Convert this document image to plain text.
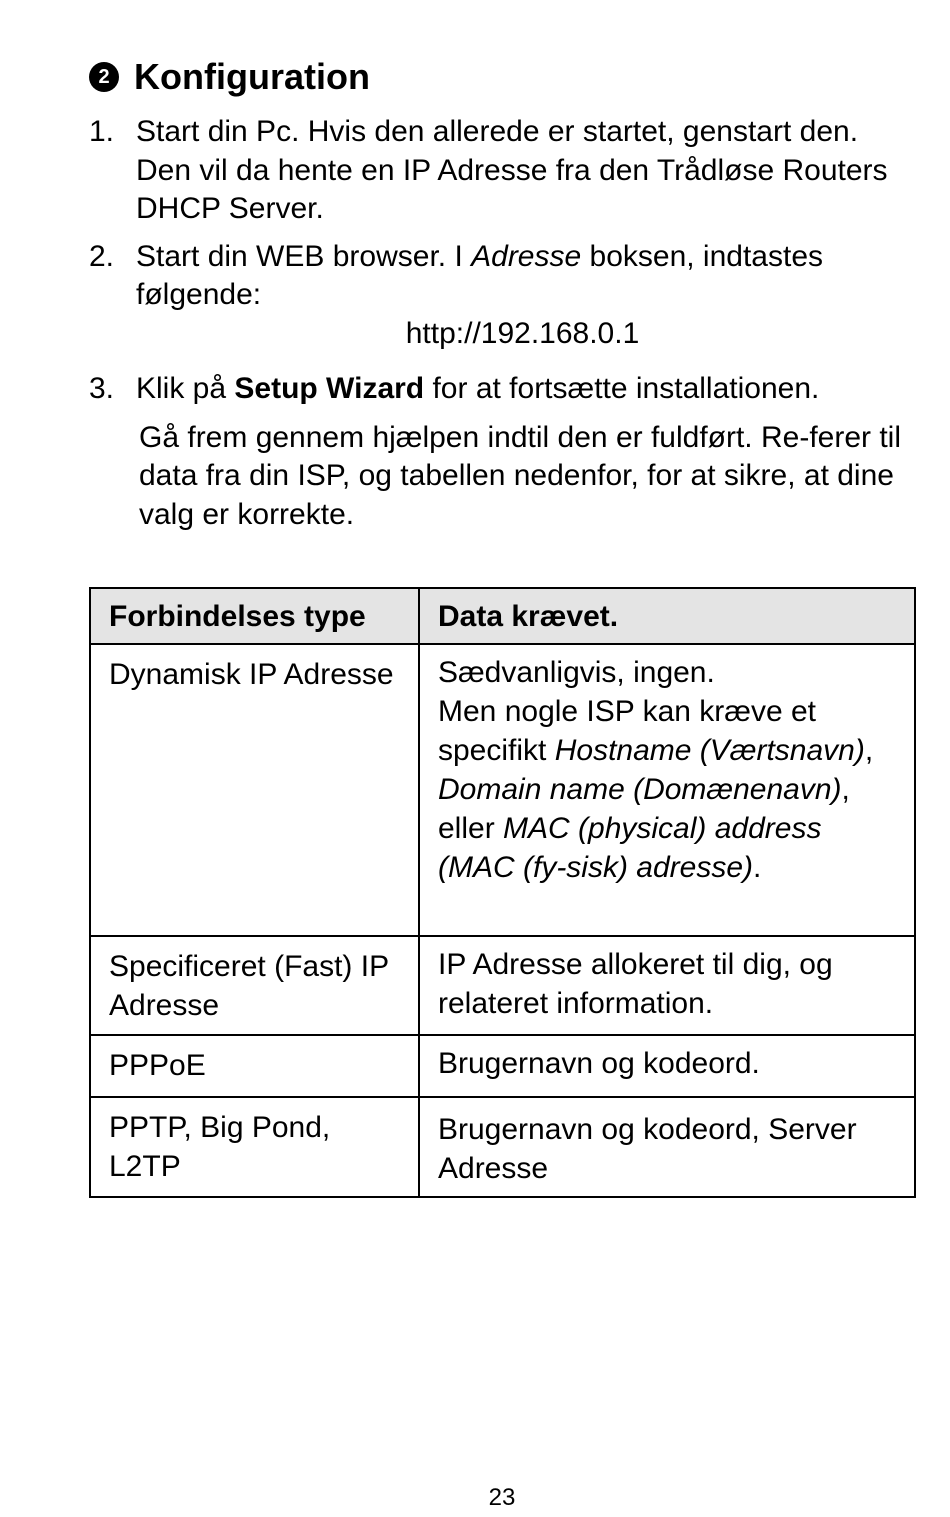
2 Konfiguration
1. Start din Pc. Hvis den allerede er startet, genstart den.

Den vil da hente en IP Adresse fra den Trådløse Routers DHCP Server.

2. Start din WEB browser. I Adresse boksen, indtastes følgende:

http://192.168.0.1

3. Klik på Setup Wizard for at fortsætte installationen.

Gå frem gennem hjælpen indtil den er fuldført. Re-ferer til data fra din ISP, og tabellen nedenfor, for at sikre, at dine valg er korrekte.

Forbindelses type	Data krævet.
Dynamisk IP Adresse	Sædvanligvis, ingen.
Men nogle ISP kan kræve et specifikt Hostname (Værtsnavn), Domain name (Domænenavn), eller MAC (physical) address (MAC (fy-sisk) adresse).

Specificeret (Fast) IP Adresse	IP Adresse allokeret til dig, og relateret information.
PPPoE	Brugernavn og kodeord.
PPTP, Big Pond, L2TP	Brugernavn og kodeord, Server Adresse
23
